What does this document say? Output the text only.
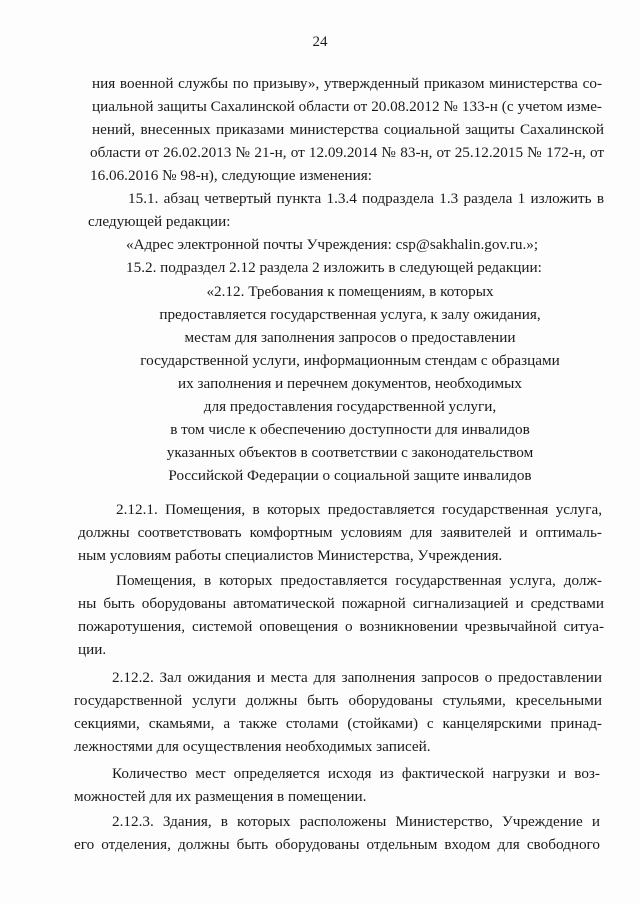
24
ния военной службы по призыву», утвержденный приказом министерства со-
циальной защиты Сахалинской области от 20.08.2012 № 133-н (с учетом изме-
нений, внесенных приказами министерства социальной защиты Сахалинской
области от 26.02.2013 № 21-н, от 12.09.2014 № 83-н, от 25.12.2015 № 172-н, от
16.06.2016 № 98-н), следующие изменения:
15.1. абзац четвертый пункта 1.3.4 подраздела 1.3 раздела 1 изложить в
следующей редакции:
«Адрес электронной почты Учреждения: csp@sakhalin.gov.ru.»;
15.2. подраздел 2.12 раздела 2 изложить в следующей редакции:
«2.12. Требования к помещениям, в которых
предоставляется государственная услуга, к залу ожидания,
местам для заполнения запросов о предоставлении
государственной услуги, информационным стендам с образцами
их заполнения и перечнем документов, необходимых
для предоставления государственной услуги,
в том числе к обеспечению доступности для инвалидов
указанных объектов в соответствии с законодательством
Российской Федерации о социальной защите инвалидов
2.12.1. Помещения, в которых предоставляется государственная услуга,
должны соответствовать комфортным условиям для заявителей и оптималь-
ным условиям работы специалистов Министерства, Учреждения.
Помещения, в которых предоставляется государственная услуга, долж-
ны быть оборудованы автоматической пожарной сигнализацией и средствами
пожаротушения, системой оповещения о возникновении чрезвычайной ситуа-
ции.
2.12.2. Зал ожидания и места для заполнения запросов о предоставлении
государственной услуги должны быть оборудованы стульями, кресельными
секциями, скамьями, а также столами (стойками) с канцелярскими принад-
лежностями для осуществления необходимых записей.
Количество мест определяется исходя из фактической нагрузки и воз-
можностей для их размещения в помещении.
2.12.3. Здания, в которых расположены Министерство, Учреждение и
его отделения, должны быть оборудованы отдельным входом для свободного
